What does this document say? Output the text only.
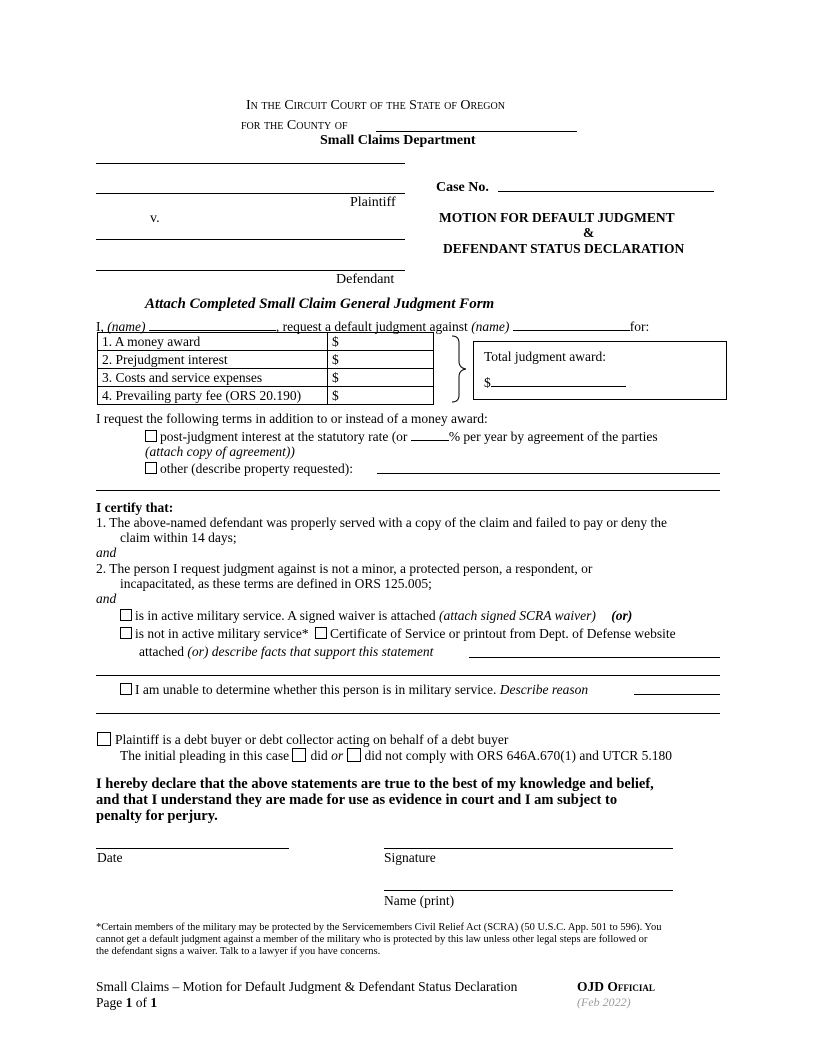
In the Circuit Court of the State of Oregon
for the County of
Small Claims Department
Plaintiff
v.
Defendant
Case No.
MOTION FOR DEFAULT JUDGMENT
&
DEFENDANT STATUS DECLARATION
Attach Completed Small Claim General Judgment Form
I, (name)	, request a default judgment against (name)	for:
1. A money award	$
2. Prejudgment interest	$
3. Costs and service expenses	$
4. Prevailing party fee (ORS 20.190)	$
Total judgment award:
$
I request the following terms in addition to or instead of a money award:
post-judgment interest at the statutory rate (or	% per year by agreement of the parties
(attach copy of agreement))
other (describe property requested):
I certify that:
1. The above-named defendant was properly served with a copy of the claim and failed to pay or deny the
claim within 14 days;
and
2. The person I request judgment against is not a minor, a protected person, a respondent, or
incapacitated, as these terms are defined in ORS 125.005;
and
is in active military service. A signed waiver is attached (attach signed SCRA waiver) (or)
is not in active military service* Certificate of Service or printout from Dept. of Defense website
attached (or) describe facts that support this statement
I am unable to determine whether this person is in military service. Describe reason
Plaintiff is a debt buyer or debt collector acting on behalf of a debt buyer
The initial pleading in this case did or did not comply with ORS 646A.670(1) and UTCR 5.180
I hereby declare that the above statements are true to the best of my knowledge and belief,
and that I understand they are made for use as evidence in court and I am subject to
penalty for perjury.
Date	Signature
Name (print)
*Certain members of the military may be protected by the Servicemembers Civil Relief Act (SCRA) (50 U.S.C. App. 501 to 596). You
cannot get a default judgment against a member of the military who is protected by this law unless other legal steps are followed or
the defendant signs a waiver. Talk to a lawyer if you have concerns.
Small Claims – Motion for Default Judgment & Defendant Status Declaration
Page 1 of 1
OJD Official
(Feb 2022)
